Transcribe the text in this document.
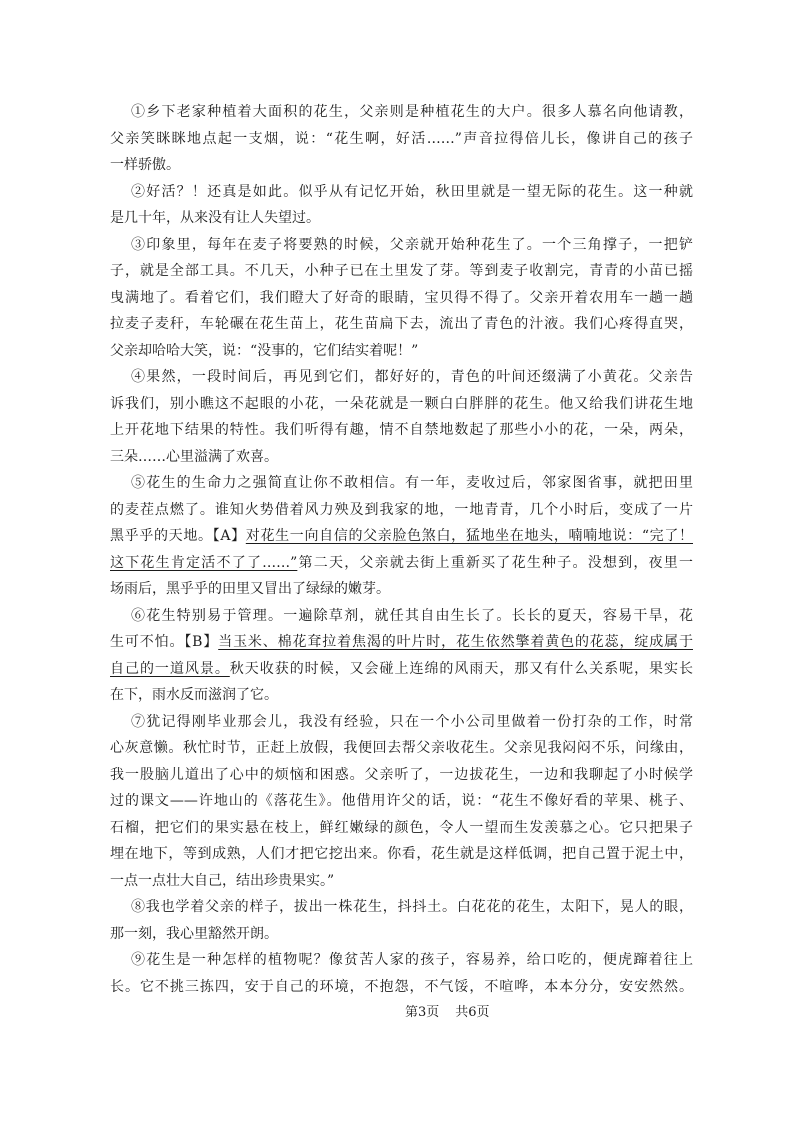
①乡下老家种植着大面积的花生，父亲则是种植花生的大户。很多人慕名向他请教，
父亲笑眯眯地点起一支烟，说：“花生啊，好活……”声音拉得倍儿长，像讲自己的孩子
一样骄傲。
②好活？！还真是如此。似乎从有记忆开始，秋田里就是一望无际的花生。这一种就
是几十年，从来没有让人失望过。
③印象里，每年在麦子将要熟的时候，父亲就开始种花生了。一个三角撑子，一把铲
子，就是全部工具。不几天，小种子已在土里发了芽。等到麦子收割完，青青的小苗已摇
曳满地了。看着它们，我们瞪大了好奇的眼睛，宝贝得不得了。父亲开着农用车一趟一趟
拉麦子麦秆，车轮碾在花生苗上，花生苗扁下去，流出了青色的汁液。我们心疼得直哭，
父亲却哈哈大笑，说：“没事的，它们结实着呢！”
④果然，一段时间后，再见到它们，都好好的，青色的叶间还缀满了小黄花。父亲告
诉我们，别小瞧这不起眼的小花，一朵花就是一颗白白胖胖的花生。他又给我们讲花生地
上开花地下结果的特性。我们听得有趣，情不自禁地数起了那些小小的花，一朵，两朵，
三朵……心里溢满了欢喜。
⑤花生的生命力之强简直让你不敢相信。有一年，麦收过后，邻家图省事，就把田里
的麦茬点燃了。谁知火势借着风力殃及到我家的地，一地青青，几个小时后，变成了一片
黑乎乎的天地。【A】对花生一向自信的父亲脸色煞白，猛地坐在地头，喃喃地说：“完了！
这下花生肯定活不了了……”第二天，父亲就去街上重新买了花生种子。没想到，夜里一
场雨后，黑乎乎的田里又冒出了绿绿的嫩芽。
⑥花生特别易于管理。一遍除草剂，就任其自由生长了。长长的夏天，容易干旱，花
生可不怕。【B】当玉米、棉花耷拉着焦渴的叶片时，花生依然擎着黄色的花蕊，绽成属于
自己的一道风景。秋天收获的时候，又会碰上连绵的风雨天，那又有什么关系呢，果实长
在下，雨水反而滋润了它。
⑦犹记得刚毕业那会儿，我没有经验，只在一个小公司里做着一份打杂的工作，时常
心灰意懒。秋忙时节，正赶上放假，我便回去帮父亲收花生。父亲见我闷闷不乐，问缘由，
我一股脑儿道出了心中的烦恼和困惑。父亲听了，一边拔花生，一边和我聊起了小时候学
过的课文——许地山的《落花生》。他借用许父的话，说：“花生不像好看的苹果、桃子、
石榴，把它们的果实悬在枝上，鲜红嫩绿的颜色，令人一望而生发羡慕之心。它只把果子
埋在地下，等到成熟，人们才把它挖出来。你看，花生就是这样低调，把自己置于泥土中，
一点一点壮大自己，结出珍贵果实。”
⑧我也学着父亲的样子，拔出一株花生，抖抖土。白花花的花生，太阳下，晃人的眼，
那一刻，我心里豁然开朗。
⑨花生是一种怎样的植物呢？像贫苦人家的孩子，容易养，给口吃的，便虎蹿着往上
长。它不挑三拣四，安于自己的环境，不抱怨，不气馁，不喧哗，本本分分，安安然然。
第3页 共6页
